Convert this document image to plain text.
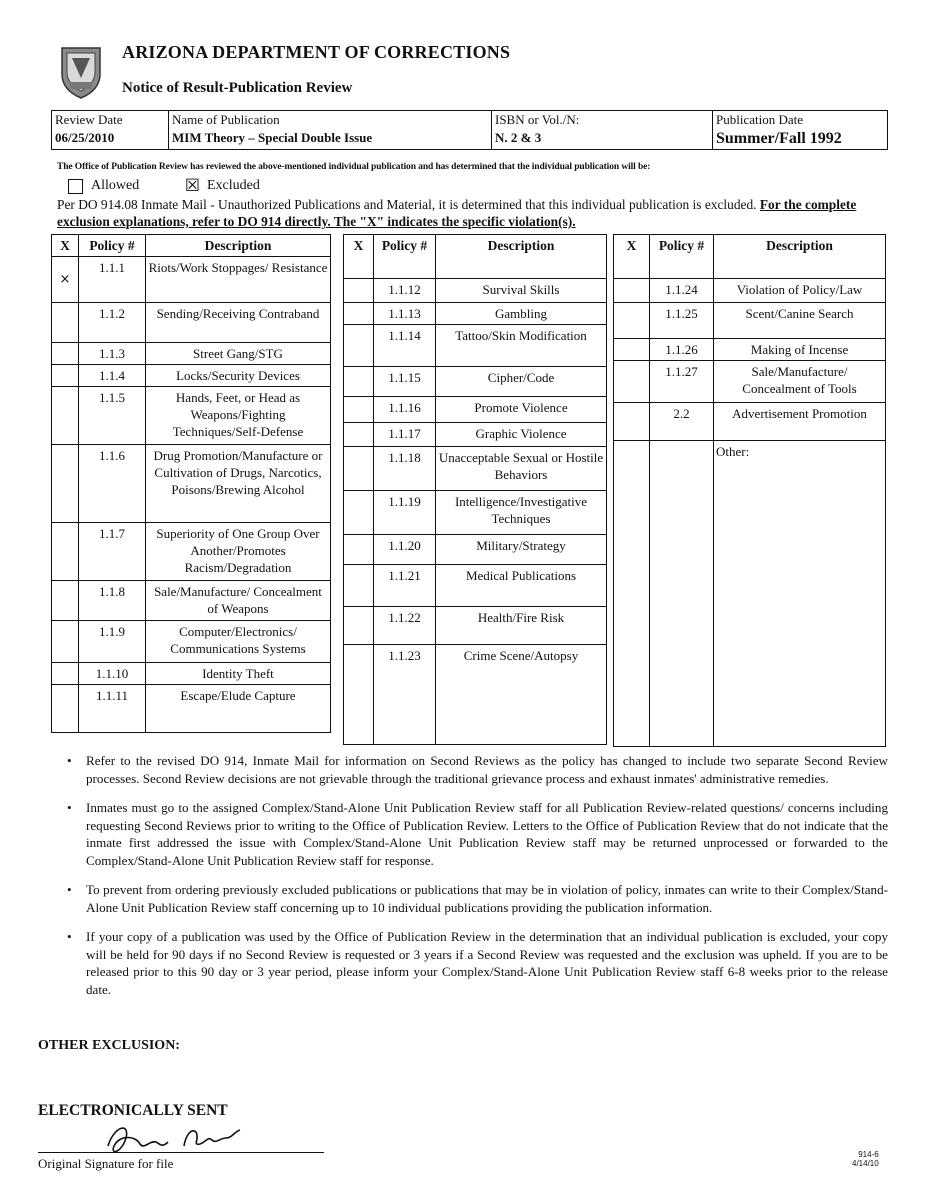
ARIZONA DEPARTMENT OF CORRECTIONS
Notice of Result-Publication Review
Review Date
06/25/2010

Name of Publication
MIM Theory – Special Double Issue

ISBN or Vol./N:
N. 2 & 3

Publication Date
Summer/Fall 1992
The Office of Publication Review has reviewed the above-mentioned individual publication and has determined that the individual publication will be:
Allowed	☒ Excluded
Per DO 914.08 Inmate Mail - Unauthorized Publications and Material, it is determined that this individual publication is excluded. For the complete exclusion explanations, refer to DO 914 directly. The "X" indicates the specific violation(s).
X	Policy #	Description
×	1.1.1	Riots/Work Stoppages/ Resistance
	1.1.2	Sending/Receiving Contraband
	1.1.3	Street Gang/STG
	1.1.4	Locks/Security Devices
	1.1.5	Hands, Feet, or Head as Weapons/Fighting Techniques/Self-Defense
	1.1.6	Drug Promotion/Manufacture or Cultivation of Drugs, Narcotics, Poisons/Brewing Alcohol
	1.1.7	Superiority of One Group Over Another/Promotes Racism/Degradation
	1.1.8	Sale/Manufacture/ Concealment of Weapons
	1.1.9	Computer/Electronics/ Communications Systems
	1.1.10	Identity Theft
	1.1.11	Escape/Elude Capture
X	Policy #	Description
	1.1.12	Survival Skills
	1.1.13	Gambling
	1.1.14	Tattoo/Skin Modification
	1.1.15	Cipher/Code
	1.1.16	Promote Violence
	1.1.17	Graphic Violence
	1.1.18	Unacceptable Sexual or Hostile Behaviors
	1.1.19	Intelligence/Investigative Techniques
	1.1.20	Military/Strategy
	1.1.21	Medical Publications
	1.1.22	Health/Fire Risk
	1.1.23	Crime Scene/Autopsy
X	Policy #	Description
	1.1.24	Violation of Policy/Law
	1.1.25	Scent/Canine Search
	1.1.26	Making of Incense
	1.1.27	Sale/Manufacture/ Concealment of Tools
	2.2	Advertisement Promotion
		Other:
• Refer to the revised DO 914, Inmate Mail for information on Second Reviews as the policy has changed to include two separate Second Review processes. Second Review decisions are not grievable through the traditional grievance process and exhaust inmates' administrative remedies.
• Inmates must go to the assigned Complex/Stand-Alone Unit Publication Review staff for all Publication Review-related questions/ concerns including requesting Second Reviews prior to writing to the Office of Publication Review. Letters to the Office of Publication Review that do not indicate that the inmate first addressed the issue with Complex/Stand-Alone Unit Publication Review staff may be returned unprocessed or forwarded to the Complex/Stand-Alone Unit Publication Review staff for response.
• To prevent from ordering previously excluded publications or publications that may be in violation of policy, inmates can write to their Complex/Stand-Alone Unit Publication Review staff concerning up to 10 individual publications providing the publication information.
• If your copy of a publication was used by the Office of Publication Review in the determination that an individual publication is excluded, your copy will be held for 90 days if no Second Review is requested or 3 years if a Second Review was requested and the exclusion was upheld. If you are to be released prior to this 90 day or 3 year period, please inform your Complex/Stand-Alone Unit Publication Review staff 6-8 weeks prior to the release date.
OTHER EXCLUSION:
ELECTRONICALLY SENT
Original Signature for file
914-6
4/14/10
